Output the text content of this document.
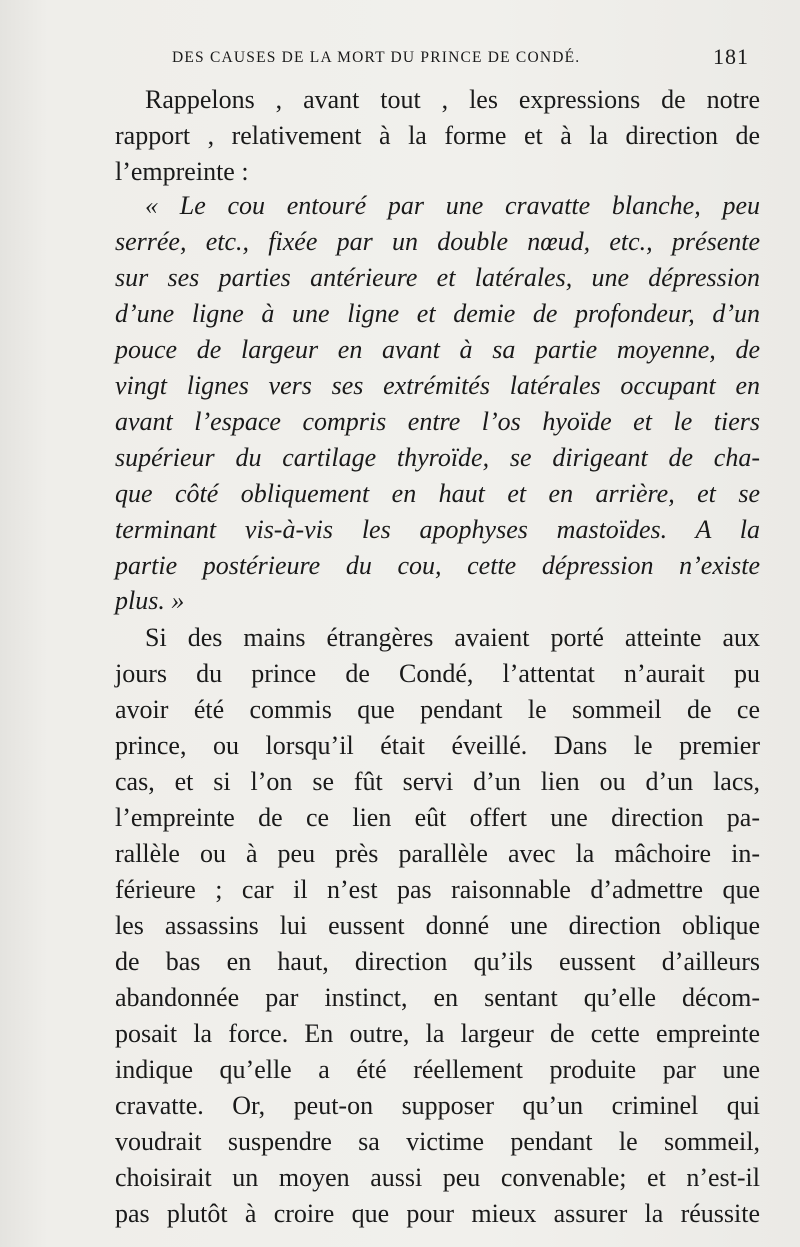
DES CAUSES DE LA MORT DU PRINCE DE CONDÉ.	181
Rappelons , avant tout , les expressions de notre
rapport , relativement à la forme et à la direction de
l’empreinte :
« Le cou entouré par une cravatte blanche, peu
serrée, etc., fixée par un double nœud, etc., présente
sur ses parties antérieure et latérales, une dépression
d’une ligne à une ligne et demie de profondeur, d’un
pouce de largeur en avant à sa partie moyenne, de
vingt lignes vers ses extrémités latérales occupant en
avant l’espace compris entre l’os hyoïde et le tiers
supérieur du cartilage thyroïde, se dirigeant de cha-
que côté obliquement en haut et en arrière, et se
terminant vis-à-vis les apophyses mastoïdes. A la
partie postérieure du cou, cette dépression n’existe
plus. »
Si des mains étrangères avaient porté atteinte aux
jours du prince de Condé, l’attentat n’aurait pu
avoir été commis que pendant le sommeil de ce
prince, ou lorsqu’il était éveillé. Dans le premier
cas, et si l’on se fût servi d’un lien ou d’un lacs,
l’empreinte de ce lien eût offert une direction pa-
rallèle ou à peu près parallèle avec la mâchoire in-
férieure ; car il n’est pas raisonnable d’admettre que
les assassins lui eussent donné une direction oblique
de bas en haut, direction qu’ils eussent d’ailleurs
abandonnée par instinct, en sentant qu’elle décom-
posait la force. En outre, la largeur de cette empreinte
indique qu’elle a été réellement produite par une
cravatte. Or, peut-on supposer qu’un criminel qui
voudrait suspendre sa victime pendant le sommeil,
choisirait un moyen aussi peu convenable; et n’est-il
pas plutôt à croire que pour mieux assurer la réussite
